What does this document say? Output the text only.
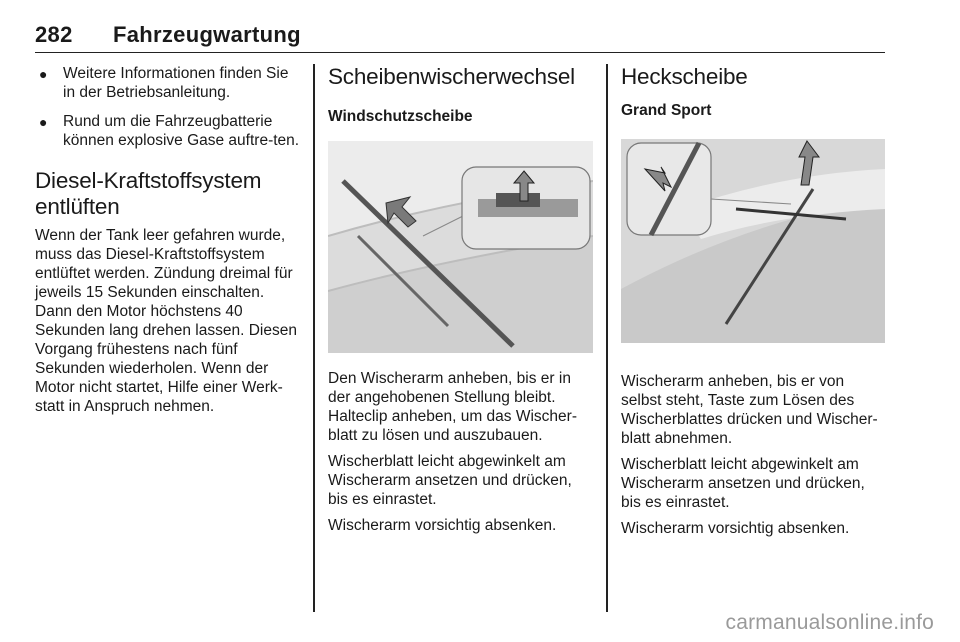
282 Fahrzeugwartung
● Weitere Informationen finden Sie in der Betriebsanleitung.
● Rund um die Fahrzeugbatterie können explosive Gase auftre-ten.
Diesel-Kraftstoffsystem entlüften

Wenn der Tank leer gefahren wurde, muss das Diesel-Kraftstoffsystem entlüftet werden. Zündung dreimal für jeweils 15 Sekunden einschalten. Dann den Motor höchstens 40 Sekunden lang drehen lassen. Diesen Vorgang frühestens nach fünf Sekunden wiederholen. Wenn der Motor nicht startet, Hilfe einer Werk-statt in Anspruch nehmen.

Scheibenwischerwechsel
Windschutzscheibe

Den Wischerarm anheben, bis er in der angehobenen Stellung bleibt. Halteclip anheben, um das Wischer-blatt zu lösen und auszubauen.

Wischerblatt leicht abgewinkelt am Wischerarm ansetzen und drücken, bis es einrastet.

Wischerarm vorsichtig absenken.

Heckscheibe
Grand Sport

Wischerarm anheben, bis er von selbst steht, Taste zum Lösen des Wischerblattes drücken und Wischer-blatt abnehmen.

Wischerblatt leicht abgewinkelt am Wischerarm ansetzen und drücken, bis es einrastet.

Wischerarm vorsichtig absenken.

carmanualsonline.info
